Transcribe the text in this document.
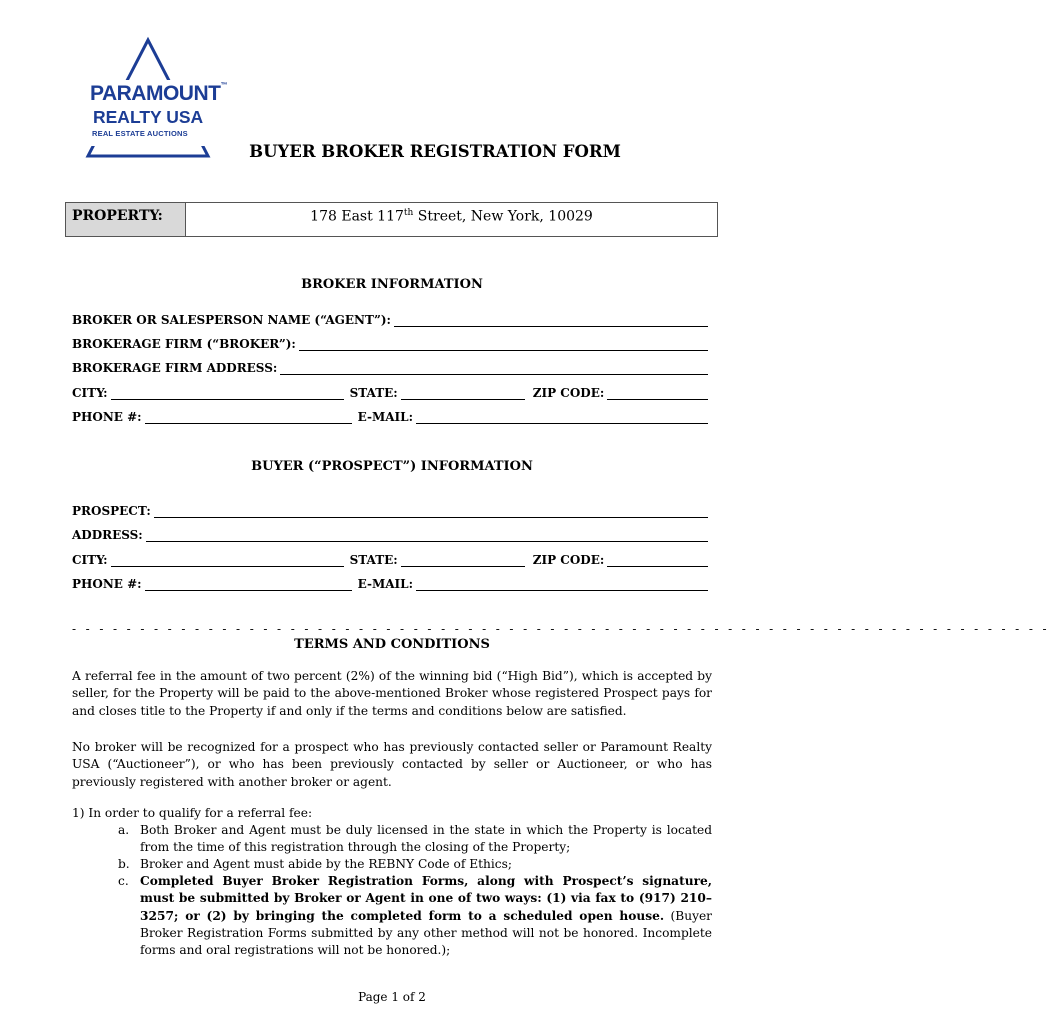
PARAMOUNT™
REALTY USA
REAL ESTATE AUCTIONS
BUYER BROKER REGISTRATION FORM
PROPERTY:	178 East 117th Street, New York, 10029
BROKER INFORMATION
BROKER OR SALESPERSON NAME (“AGENT”):
BROKERAGE FIRM (“BROKER”):
BROKERAGE FIRM ADDRESS:
CITY:	STATE:	ZIP CODE:
PHONE #:	E-MAIL:
BUYER (“PROSPECT”) INFORMATION
PROSPECT:
ADDRESS:
CITY:	STATE:	ZIP CODE:
PHONE #:	E-MAIL:
- - - - - - - - - - - - - - - - - - - - - - - - - - - - - - - - - - - - - - - - - - - - - - - - - - - - - - - - - - - - - - - - - - - - - - - -
TERMS AND CONDITIONS
A referral fee in the amount of two percent (2%) of the winning bid (“High Bid”), which is accepted by seller, for the Property will be paid to the above-mentioned Broker whose registered Prospect pays for and closes title to the Property if and only if the terms and conditions below are satisfied.
No broker will be recognized for a prospect who has previously contacted seller or Paramount Realty USA (“Auctioneer”), or who has been previously contacted by seller or Auctioneer, or who has previously registered with another broker or agent.
1) In order to qualify for a referral fee:
a. Both Broker and Agent must be duly licensed in the state in which the Property is located from the time of this registration through the closing of the Property;
b. Broker and Agent must abide by the REBNY Code of Ethics;
c. Completed Buyer Broker Registration Forms, along with Prospect’s signature, must be submitted by Broker or Agent in one of two ways: (1) via fax to (917) 210–3257; or (2) by bringing the completed form to a scheduled open house. (Buyer Broker Registration Forms submitted by any other method will not be honored. Incomplete forms and oral registrations will not be honored.);
Page 1 of 2
